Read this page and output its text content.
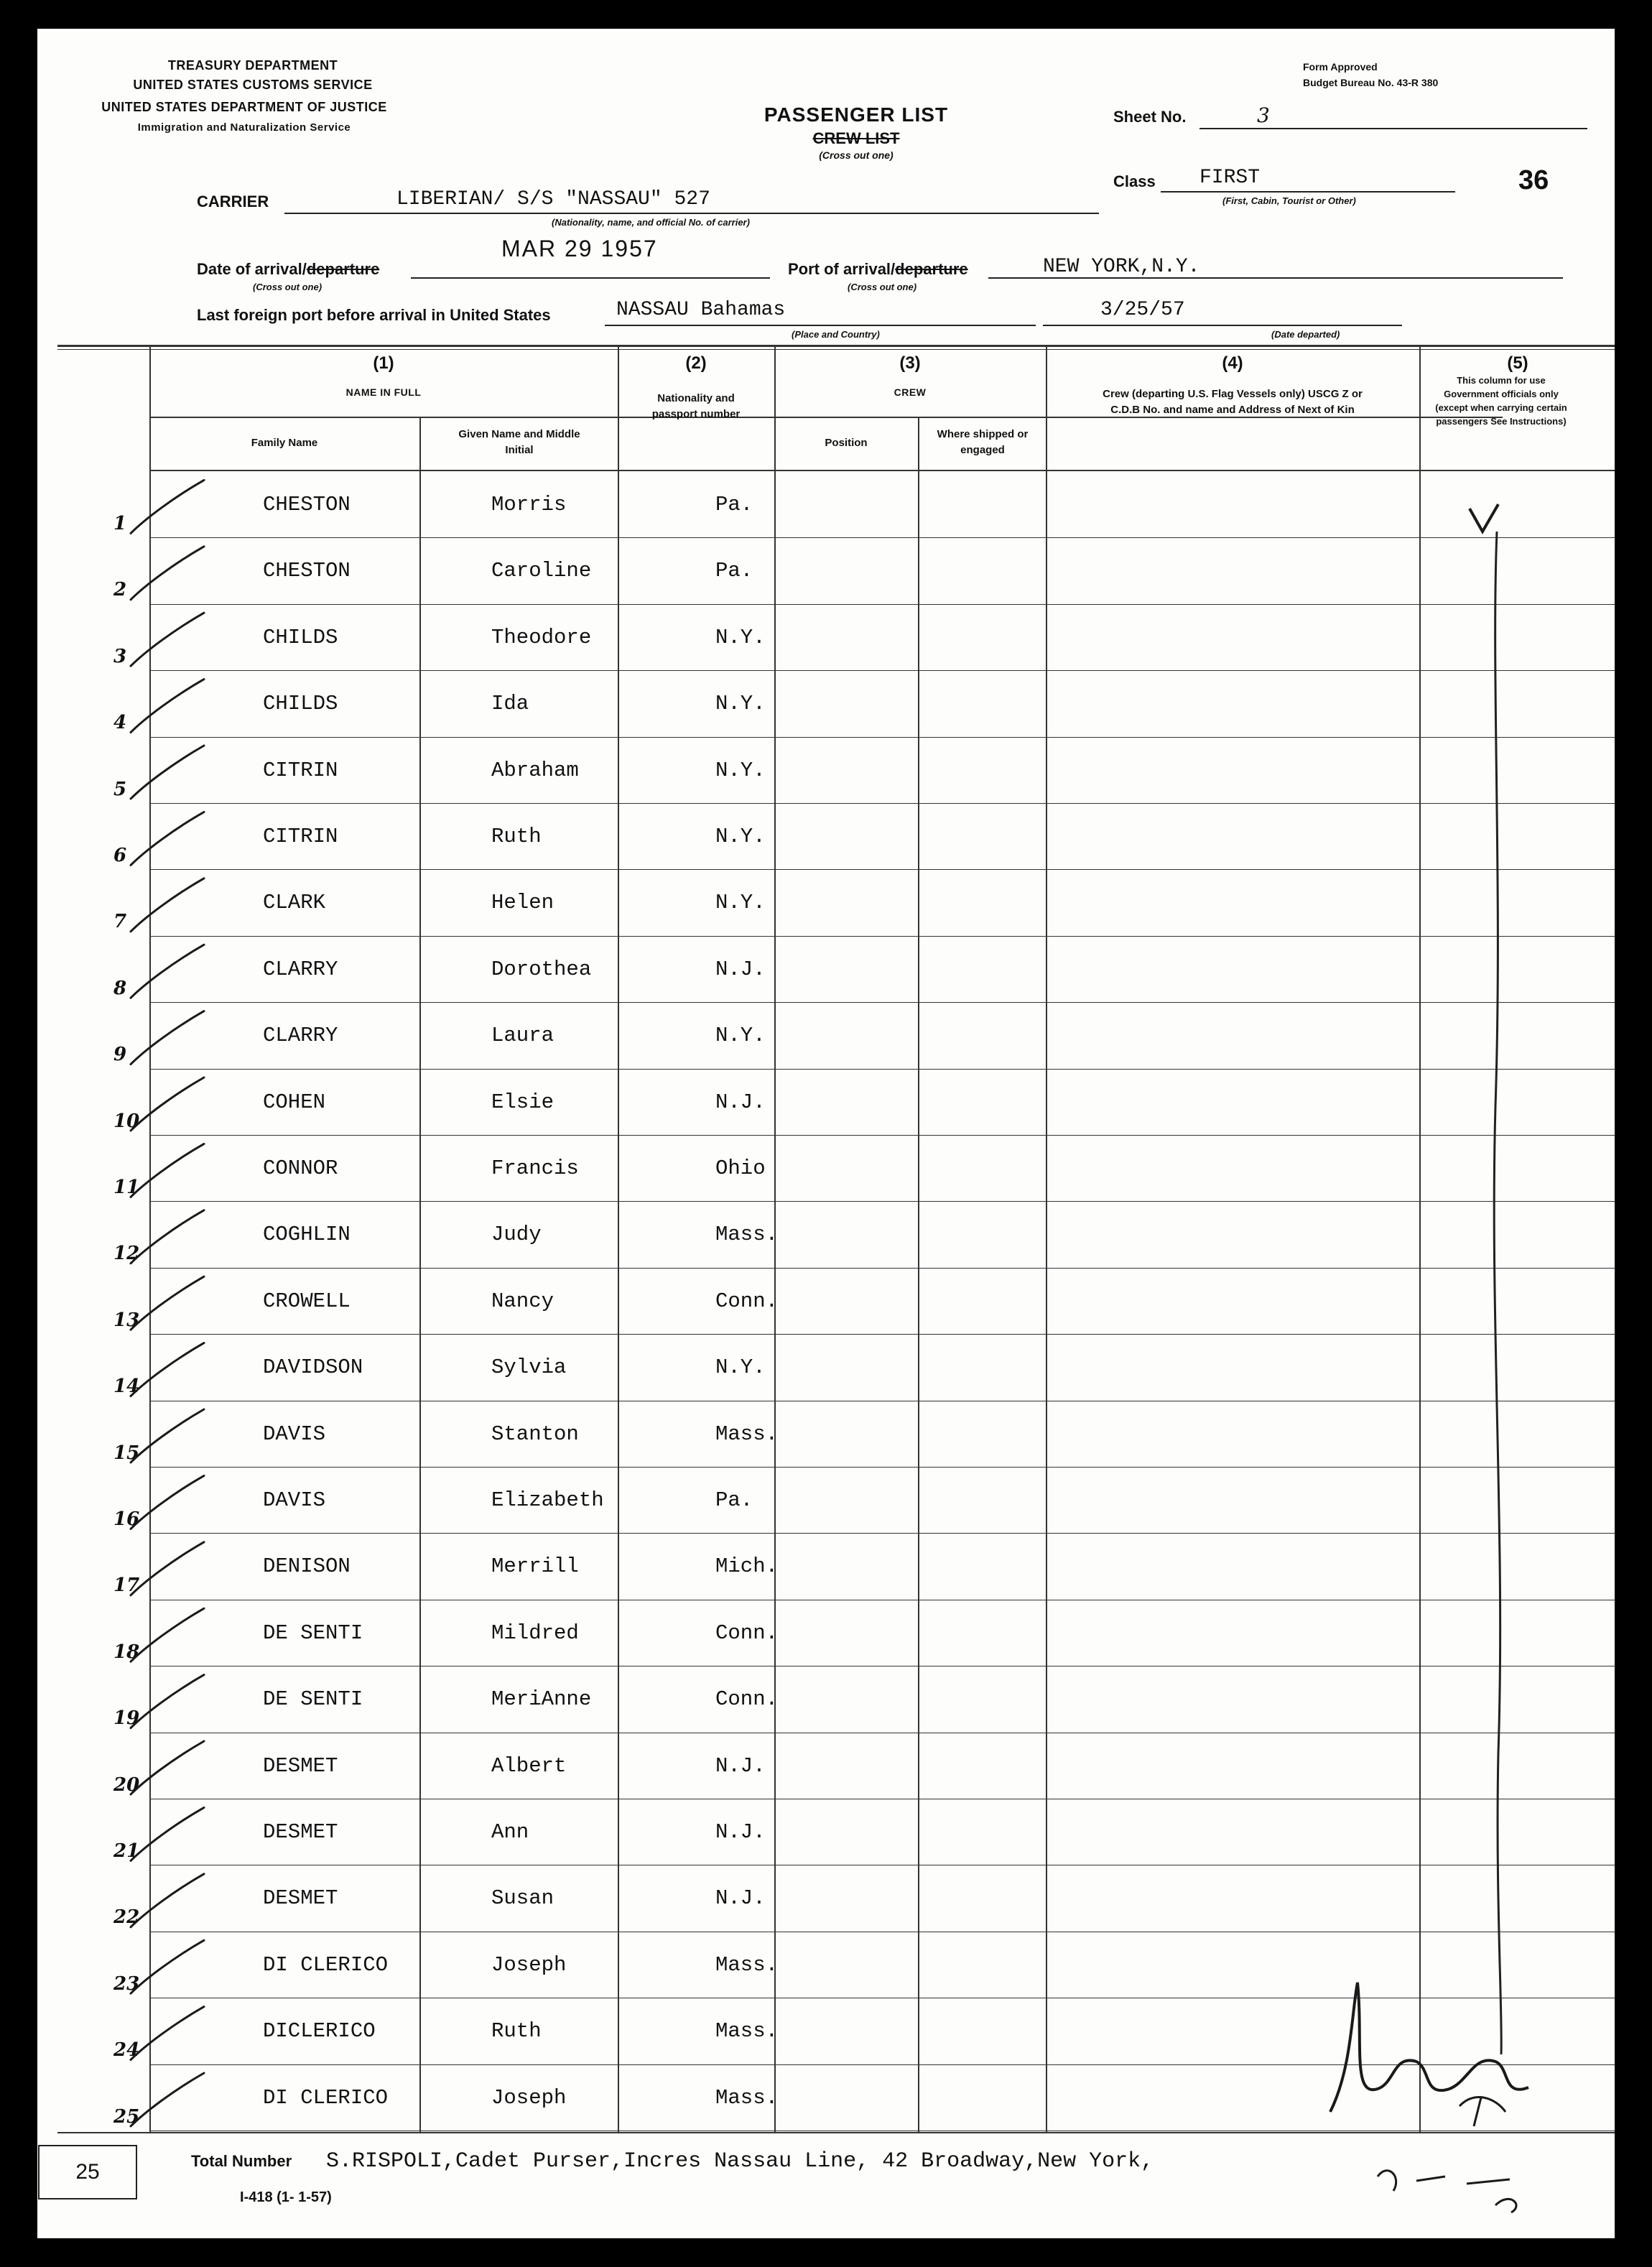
TREASURY DEPARTMENT
UNITED STATES CUSTOMS SERVICE
UNITED STATES DEPARTMENT OF JUSTICE
Immigration and Naturalization Service
Form Approved
Budget Bureau No. 43-R 380
PASSENGER LIST
CREW LIST
(Cross out one)
Sheet No.	3
36
Class FIRST
(First, Cabin, Tourist or Other)
CARRIER	LIBERIAN/ S/S "NASSAU" 527
(Nationality, name, and official No. of carrier)
Date of arrival/departure
(Cross out one)
MAR 29 1957
Port of arrival/departure
(Cross out one)
NEW YORK,N.Y.
Last foreign port before arrival in United States	NASSAU Bahamas
(Place and Country)
3/25/57
(Date departed)
(1)
NAME IN FULL
Family Name
Given Name and Middle Initial
(2)
Nationality and passport number
(3)
CREW
Position
Where shipped or engaged
(4)
Crew (departing U.S. Flag Vessels only) USCG Z or C.D.B No. and name and Address of Next of Kin
(5)
This column for use Government officials only (except when carrying certain passengers See Instructions)
CHESTON	Morris	Pa.
1
CHESTON	Caroline	Pa.
2
CHILDS	Theodore	N.Y.
3
CHILDS	Ida	N.Y.
4
CITRIN	Abraham	N.Y.
5
CITRIN	Ruth	N.Y.
6
CLARK	Helen	N.Y.
7
CLARRY	Dorothea	N.J.
8
CLARRY	Laura	N.Y.
9
COHEN	Elsie	N.J.
10
CONNOR	Francis	Ohio
11
COGHLIN	Judy	Mass.
12
CROWELL	Nancy	Conn.
13
DAVIDSON	Sylvia	N.Y.
14
DAVIS	Stanton	Mass.
15
DAVIS	Elizabeth	Pa.
16
DENISON	Merrill	Mich.
17
DE SENTI	Mildred	Conn.
18
DE SENTI	MeriAnne	Conn.
19
DESMET	Albert	N.J.
20
DESMET	Ann	N.J.
21
DESMET	Susan	N.J.
22
DI CLERICO	Joseph	Mass.
23
DICLERICO	Ruth	Mass.
24
DI CLERICO	Joseph	Mass.
25
25	Total Number S.RISPOLI,Cadet Purser,Incres Nassau Line, 42 Broadway,New York,
I-418 (1- 1-57)
